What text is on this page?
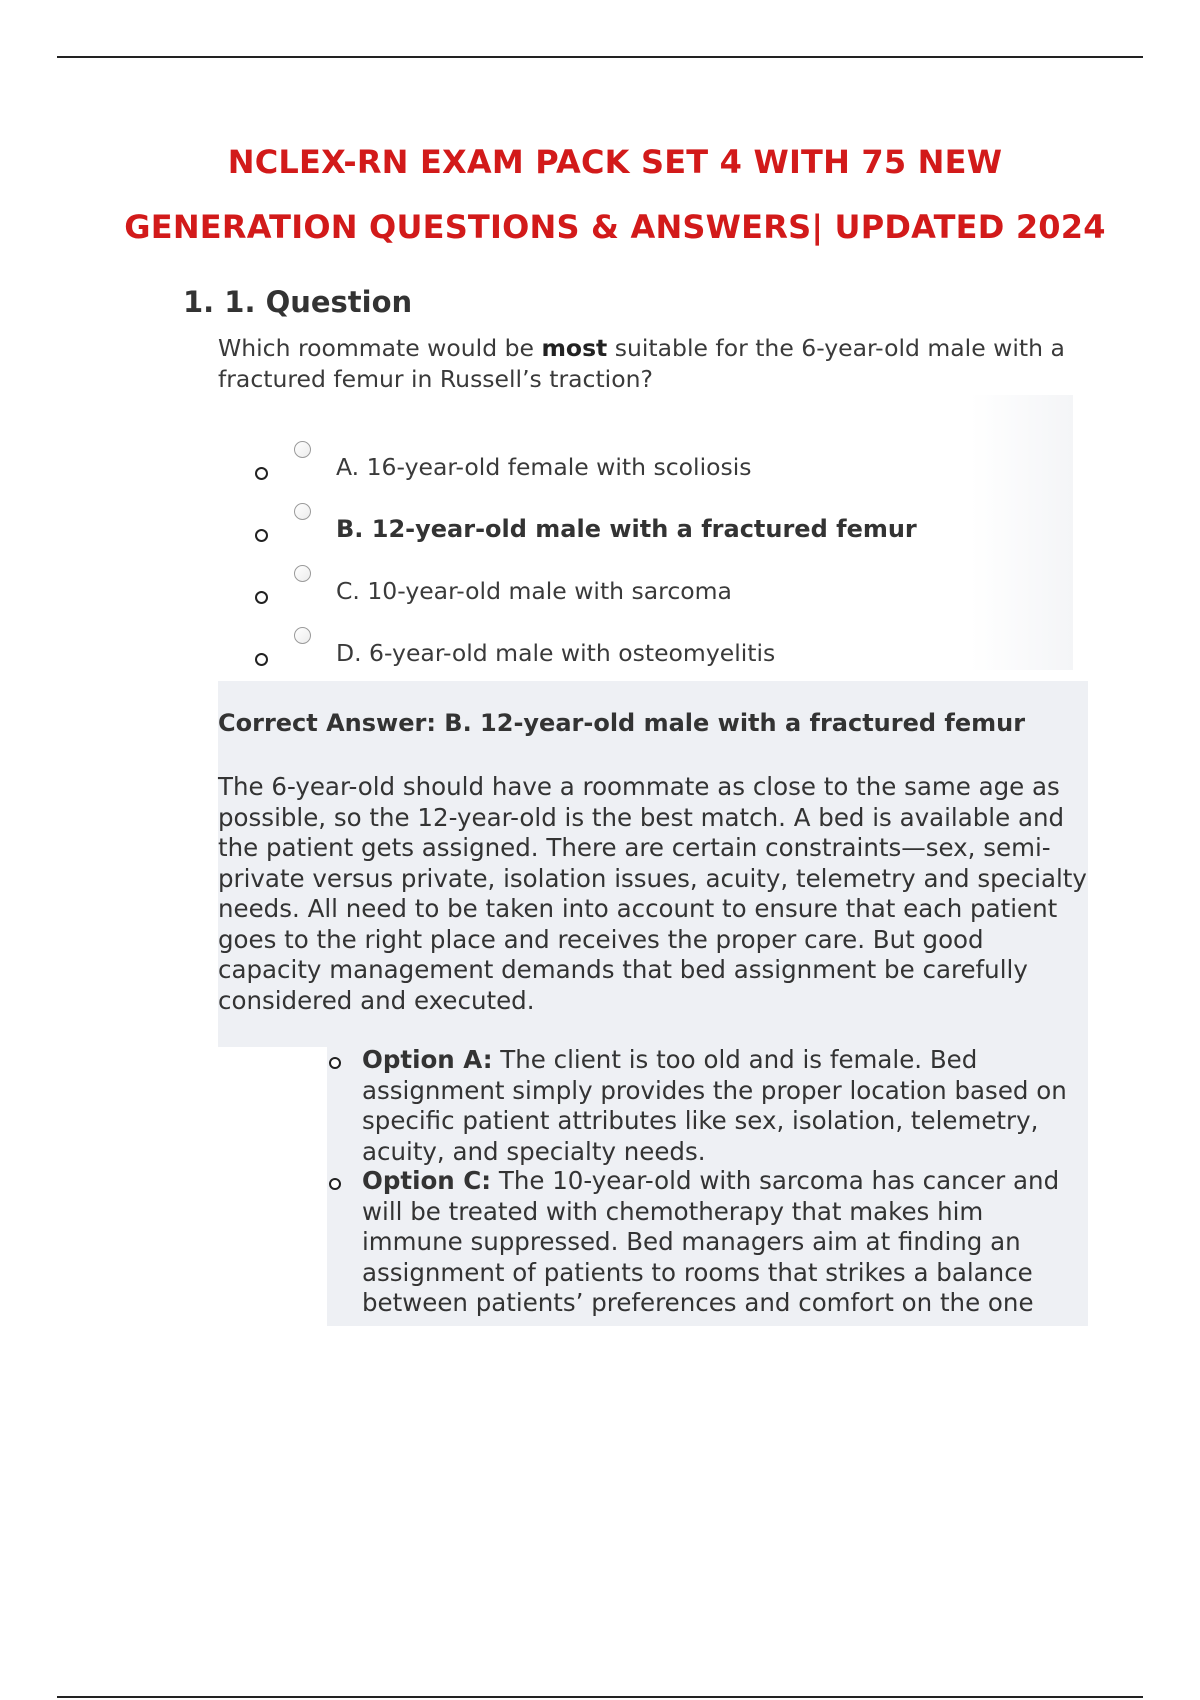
NCLEX-RN EXAM PACK SET 4 WITH 75 NEW
GENERATION QUESTIONS & ANSWERS| UPDATED 2024
1. 1. Question
Which roommate would be most suitable for the 6-year-old male with a fractured femur in Russell’s traction?
A. 16-year-old female with scoliosis
B. 12-year-old male with a fractured femur
C. 10-year-old male with sarcoma
D. 6-year-old male with osteomyelitis
Correct Answer: B. 12-year-old male with a fractured femur
The 6-year-old should have a roommate as close to the same age as possible, so the 12-year-old is the best match. A bed is available and the patient gets assigned. There are certain constraints—sex, semi-private versus private, isolation issues, acuity, telemetry and specialty needs. All need to be taken into account to ensure that each patient goes to the right place and receives the proper care. But good capacity management demands that bed assignment be carefully considered and executed.
Option A: The client is too old and is female. Bed assignment simply provides the proper location based on specific patient attributes like sex, isolation, telemetry, acuity, and specialty needs.
Option C: The 10-year-old with sarcoma has cancer and will be treated with chemotherapy that makes him immune suppressed. Bed managers aim at finding an assignment of patients to rooms that strikes a balance between patients’ preferences and comfort on the one
